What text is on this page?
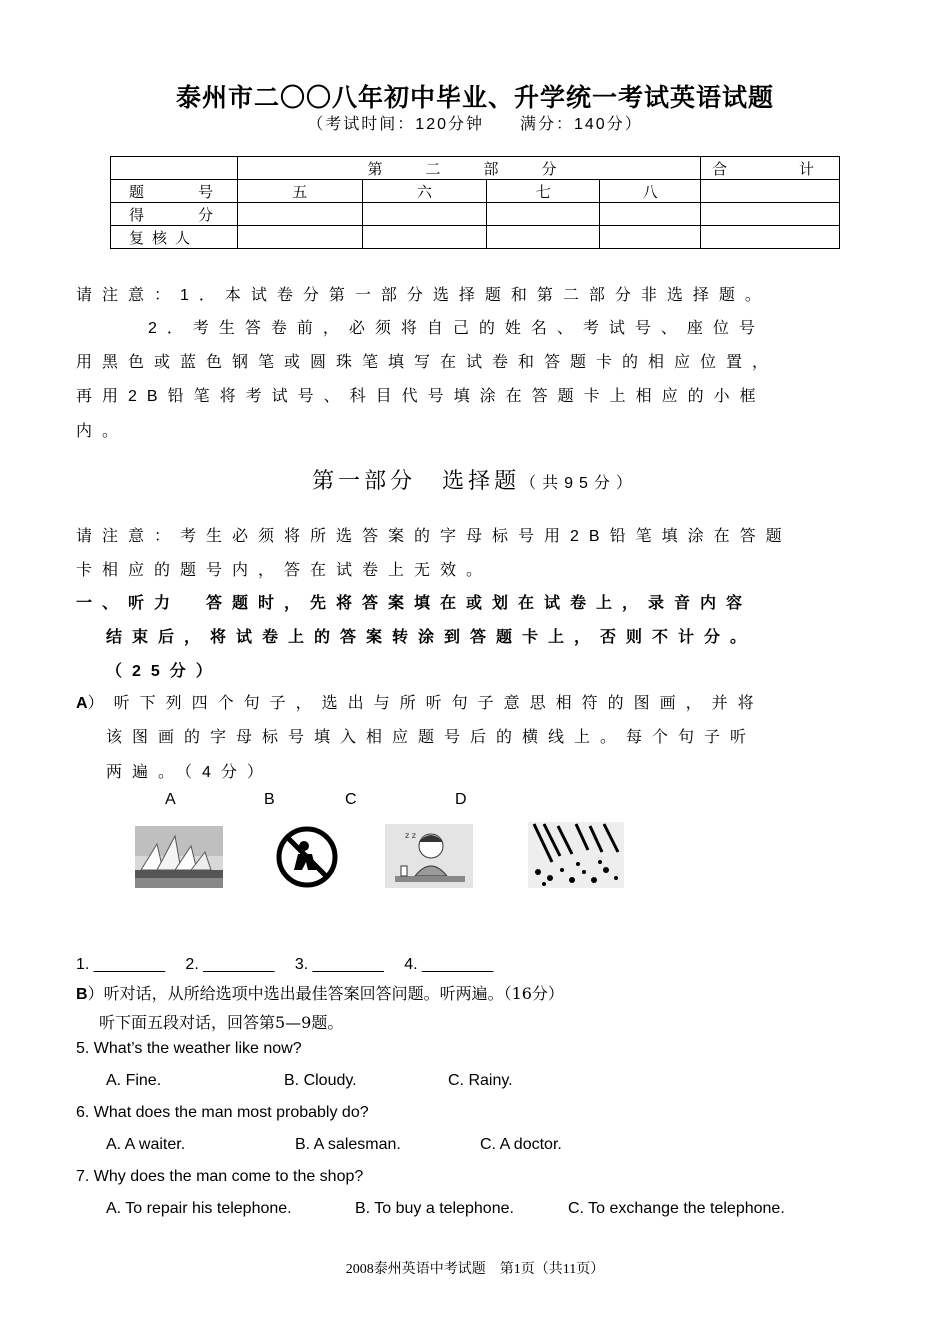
泰州市二〇〇八年初中毕业、升学统一考试英语试题
（考试时间：120分钟　　满分：140分）
	第　二　部　分				合　　计
题　　号	五	六	七	八	
得　　分					
复核人					
请注意：1．本试卷分第一部分选择题和第二部分非选择题。
2．考生答卷前，必须将自己的姓名、考试号、座位号
用黑色或蓝色钢笔或圆珠笔填写在试卷和答题卡的相应位置，
再用2B铅笔将考试号、科目代号填涂在答题卡上相应的小框
内。
第一部分　选择题（共95分）
请注意：考生必须将所选答案的字母标号用2B铅笔填涂在答题
卡相应的题号内，答在试卷上无效。
一、听力　答题时，先将答案填在或划在试卷上，录音内容
结束后，将试卷上的答案转涂到答题卡上，否则不计分。
（25分）
A）听下列四个句子，选出与所听句子意思相符的图画，并将
该图画的字母标号填入相应题号后的横线上。每个句子听
两遍。（4分）
A	B	C	D
z z
1. ________　 2. ________　 3. ________　 4. ________
B）听对话，从所给选项中选出最佳答案回答问题。听两遍。（16分）
听下面五段对话，回答第5—9题。
5. What’s the weather like now?
A. Fine.	B. Cloudy.	C. Rainy.
6. What does the man most probably do?
A. A waiter.	B. A salesman.	C. A doctor.
7. Why does the man come to the shop?
A. To repair his telephone.	B. To buy a telephone.	C. To exchange the telephone.
2008泰州英语中考试题　第1页（共11页）
